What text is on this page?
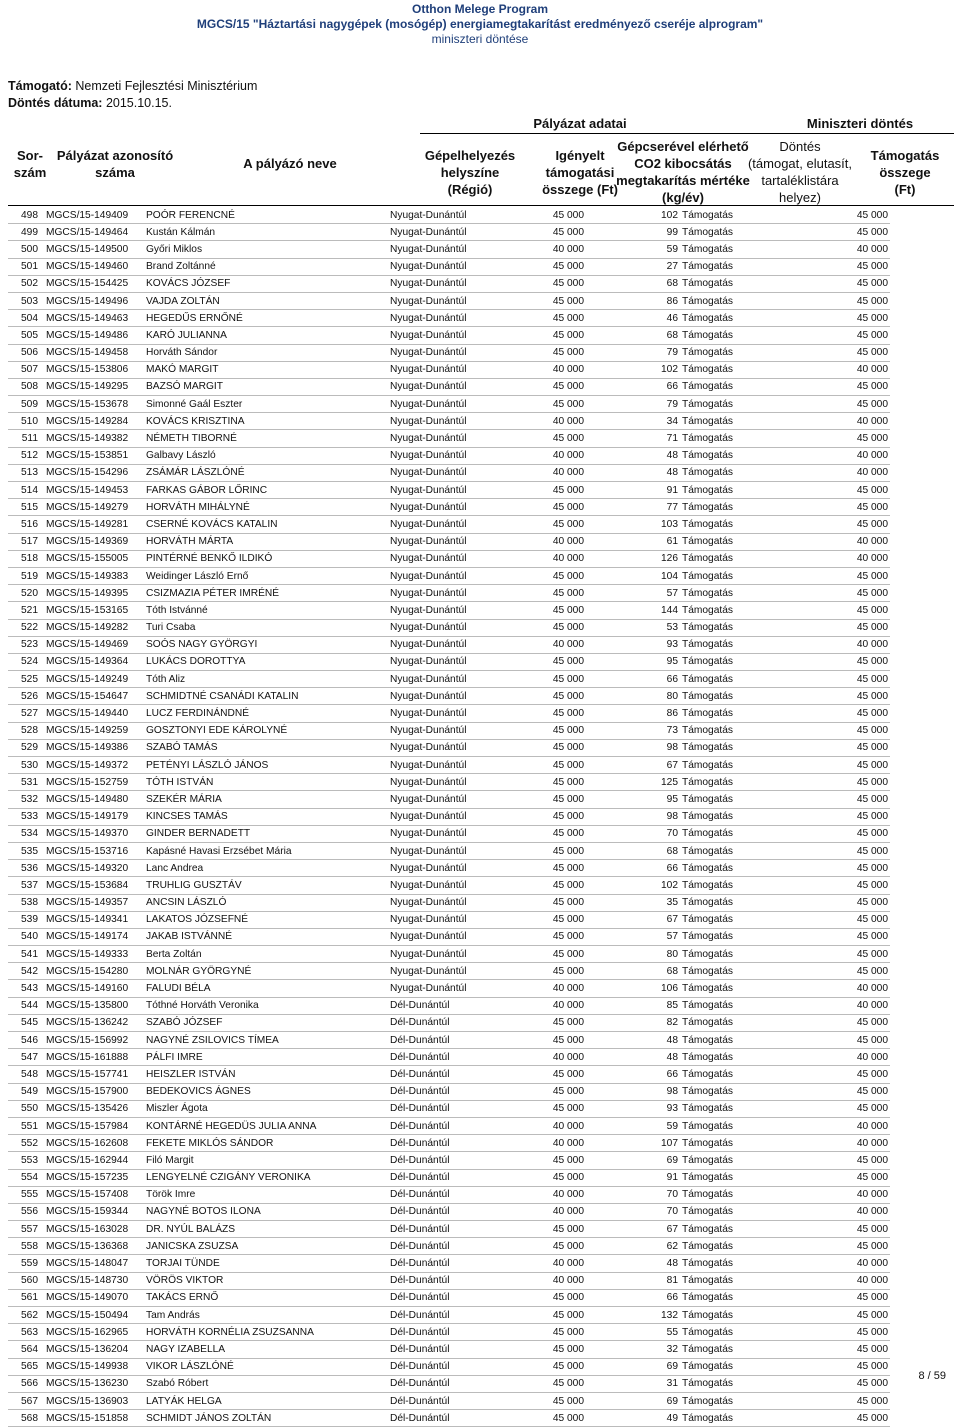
Otthon Melege Program
MGCS/15 "Háztartási nagygépek (mosógép) energiamegtakarítást eredményező cseréje alprogram"
miniszteri döntése
Támogató: Nemzeti Fejlesztési Minisztérium
Döntés dátuma: 2015.10.15.
Pályázat adatai	Miniszteri döntés
Sor-
szám
Pályázat azonosító
száma
A pályázó neve
Gépelhelyezés
helyszíne
(Régió)
Igényelt
támogatási
összege (Ft)
Gépcserével elérhető
CO2 kibocsátás
megtakarítás mértéke
(kg/év)
Döntés
(támogat, elutasít,
tartaléklistára
helyez)
Támogatás
összege
(Ft)
498	MGCS/15-149409	POÓR FERENCNÉ	Nyugat-Dunántúl	45 000	102	Támogatás	45 000
499	MGCS/15-149464	Kustán Kálmán	Nyugat-Dunántúl	45 000	99	Támogatás	45 000
500	MGCS/15-149500	Győri Miklos	Nyugat-Dunántúl	40 000	59	Támogatás	40 000
501	MGCS/15-149460	Brand Zoltánné	Nyugat-Dunántúl	45 000	27	Támogatás	45 000
502	MGCS/15-154425	KOVÁCS JÓZSEF	Nyugat-Dunántúl	45 000	68	Támogatás	45 000
503	MGCS/15-149496	VAJDA ZOLTÁN	Nyugat-Dunántúl	45 000	86	Támogatás	45 000
504	MGCS/15-149463	HEGEDŰS ERNŐNÉ	Nyugat-Dunántúl	45 000	46	Támogatás	45 000
505	MGCS/15-149486	KARÓ JULIANNA	Nyugat-Dunántúl	45 000	68	Támogatás	45 000
506	MGCS/15-149458	Horváth Sándor	Nyugat-Dunántúl	45 000	79	Támogatás	45 000
507	MGCS/15-153806	MAKÓ MARGIT	Nyugat-Dunántúl	40 000	102	Támogatás	40 000
508	MGCS/15-149295	BAZSÓ MARGIT	Nyugat-Dunántúl	45 000	66	Támogatás	45 000
509	MGCS/15-153678	Simonné Gaál Eszter	Nyugat-Dunántúl	45 000	79	Támogatás	45 000
510	MGCS/15-149284	KOVÁCS KRISZTINA	Nyugat-Dunántúl	40 000	34	Támogatás	40 000
511	MGCS/15-149382	NÉMETH TIBORNÉ	Nyugat-Dunántúl	45 000	71	Támogatás	45 000
512	MGCS/15-153851	Galbavy László	Nyugat-Dunántúl	40 000	48	Támogatás	40 000
513	MGCS/15-154296	ZSÁMÁR LÁSZLÓNÉ	Nyugat-Dunántúl	40 000	48	Támogatás	40 000
514	MGCS/15-149453	FARKAS GÁBOR LŐRINC	Nyugat-Dunántúl	45 000	91	Támogatás	45 000
515	MGCS/15-149279	HORVÁTH MIHÁLYNÉ	Nyugat-Dunántúl	45 000	77	Támogatás	45 000
516	MGCS/15-149281	CSERNÉ KOVÁCS KATALIN	Nyugat-Dunántúl	45 000	103	Támogatás	45 000
517	MGCS/15-149369	HORVÁTH MÁRTA	Nyugat-Dunántúl	40 000	61	Támogatás	40 000
518	MGCS/15-155005	PINTÉRNÉ BENKŐ ILDIKÓ	Nyugat-Dunántúl	40 000	126	Támogatás	40 000
519	MGCS/15-149383	Weidinger László Ernő	Nyugat-Dunántúl	45 000	104	Támogatás	45 000
520	MGCS/15-149395	CSIZMAZIA PÉTER IMRÉNÉ	Nyugat-Dunántúl	45 000	57	Támogatás	45 000
521	MGCS/15-153165	Tóth Istvánné	Nyugat-Dunántúl	45 000	144	Támogatás	45 000
522	MGCS/15-149282	Turi Csaba	Nyugat-Dunántúl	45 000	53	Támogatás	45 000
523	MGCS/15-149469	SOÓS NAGY GYÖRGYI	Nyugat-Dunántúl	40 000	93	Támogatás	40 000
524	MGCS/15-149364	LUKÁCS DOROTTYA	Nyugat-Dunántúl	45 000	95	Támogatás	45 000
525	MGCS/15-149249	Tóth Aliz	Nyugat-Dunántúl	45 000	66	Támogatás	45 000
526	MGCS/15-154647	SCHMIDTNÉ CSANÁDI KATALIN	Nyugat-Dunántúl	45 000	80	Támogatás	45 000
527	MGCS/15-149440	LUCZ FERDINÁNDNÉ	Nyugat-Dunántúl	45 000	86	Támogatás	45 000
528	MGCS/15-149259	GOSZTONYI EDE KÁROLYNÉ	Nyugat-Dunántúl	45 000	73	Támogatás	45 000
529	MGCS/15-149386	SZABÓ TAMÁS	Nyugat-Dunántúl	45 000	98	Támogatás	45 000
530	MGCS/15-149372	PETÉNYI LÁSZLÓ JÁNOS	Nyugat-Dunántúl	45 000	67	Támogatás	45 000
531	MGCS/15-152759	TÓTH ISTVÁN	Nyugat-Dunántúl	45 000	125	Támogatás	45 000
532	MGCS/15-149480	SZEKÉR MÁRIA	Nyugat-Dunántúl	45 000	95	Támogatás	45 000
533	MGCS/15-149179	KINCSES TAMÁS	Nyugat-Dunántúl	45 000	98	Támogatás	45 000
534	MGCS/15-149370	GINDER BERNADETT	Nyugat-Dunántúl	45 000	70	Támogatás	45 000
535	MGCS/15-153716	Kapásné Havasi Erzsébet Mária	Nyugat-Dunántúl	45 000	68	Támogatás	45 000
536	MGCS/15-149320	Lanc Andrea	Nyugat-Dunántúl	45 000	66	Támogatás	45 000
537	MGCS/15-153684	TRUHLIG GUSZTÁV	Nyugat-Dunántúl	45 000	102	Támogatás	45 000
538	MGCS/15-149357	ANCSIN LÁSZLÓ	Nyugat-Dunántúl	45 000	35	Támogatás	45 000
539	MGCS/15-149341	LAKATOS JÓZSEFNÉ	Nyugat-Dunántúl	45 000	67	Támogatás	45 000
540	MGCS/15-149174	JAKAB ISTVÁNNÉ	Nyugat-Dunántúl	45 000	57	Támogatás	45 000
541	MGCS/15-149333	Berta Zoltán	Nyugat-Dunántúl	45 000	80	Támogatás	45 000
542	MGCS/15-154280	MOLNÁR GYÖRGYNÉ	Nyugat-Dunántúl	45 000	68	Támogatás	45 000
543	MGCS/15-149160	FALUDI BÉLA	Nyugat-Dunántúl	40 000	106	Támogatás	40 000
544	MGCS/15-135800	Tóthné Horváth Veronika	Dél-Dunántúl	40 000	85	Támogatás	40 000
545	MGCS/15-136242	SZABÓ JÓZSEF	Dél-Dunántúl	45 000	82	Támogatás	45 000
546	MGCS/15-156992	NAGYNÉ ZSILOVICS TÍMEA	Dél-Dunántúl	45 000	48	Támogatás	45 000
547	MGCS/15-161888	PÁLFI IMRE	Dél-Dunántúl	40 000	48	Támogatás	40 000
548	MGCS/15-157741	HEISZLER ISTVÁN	Dél-Dunántúl	45 000	66	Támogatás	45 000
549	MGCS/15-157900	BEDEKOVICS ÁGNES	Dél-Dunántúl	45 000	98	Támogatás	45 000
550	MGCS/15-135426	Miszler Ágota	Dél-Dunántúl	45 000	93	Támogatás	45 000
551	MGCS/15-157984	KONTÁRNÉ HEGEDÜS JULIA ANNA	Dél-Dunántúl	40 000	59	Támogatás	40 000
552	MGCS/15-162608	FEKETE MIKLÓS SÁNDOR	Dél-Dunántúl	40 000	107	Támogatás	40 000
553	MGCS/15-162944	Filó Margit	Dél-Dunántúl	45 000	69	Támogatás	45 000
554	MGCS/15-157235	LENGYELNÉ CZIGÁNY VERONIKA	Dél-Dunántúl	45 000	91	Támogatás	45 000
555	MGCS/15-157408	Török Imre	Dél-Dunántúl	40 000	70	Támogatás	40 000
556	MGCS/15-159344	NAGYNÉ BOTOS ILONA	Dél-Dunántúl	40 000	70	Támogatás	40 000
557	MGCS/15-163028	DR. NYÚL BALÁZS	Dél-Dunántúl	45 000	67	Támogatás	45 000
558	MGCS/15-136368	JANICSKA ZSUZSA	Dél-Dunántúl	45 000	62	Támogatás	45 000
559	MGCS/15-148047	TORJAI TÜNDE	Dél-Dunántúl	40 000	48	Támogatás	40 000
560	MGCS/15-148730	VÖRÖS VIKTOR	Dél-Dunántúl	40 000	81	Támogatás	40 000
561	MGCS/15-149070	TAKÁCS ERNŐ	Dél-Dunántúl	45 000	66	Támogatás	45 000
562	MGCS/15-150494	Tam András	Dél-Dunántúl	45 000	132	Támogatás	45 000
563	MGCS/15-162965	HORVÁTH KORNÉLIA ZSUZSANNA	Dél-Dunántúl	45 000	55	Támogatás	45 000
564	MGCS/15-136204	NAGY IZABELLA	Dél-Dunántúl	45 000	32	Támogatás	45 000
565	MGCS/15-149938	VIKOR LÁSZLÓNÉ	Dél-Dunántúl	45 000	69	Támogatás	45 000
566	MGCS/15-136230	Szabó Róbert	Dél-Dunántúl	45 000	31	Támogatás	45 000
567	MGCS/15-136903	LATYÁK HELGA	Dél-Dunántúl	45 000	69	Támogatás	45 000
568	MGCS/15-151858	SCHMIDT JÁNOS ZOLTÁN	Dél-Dunántúl	45 000	49	Támogatás	45 000
8 / 59
